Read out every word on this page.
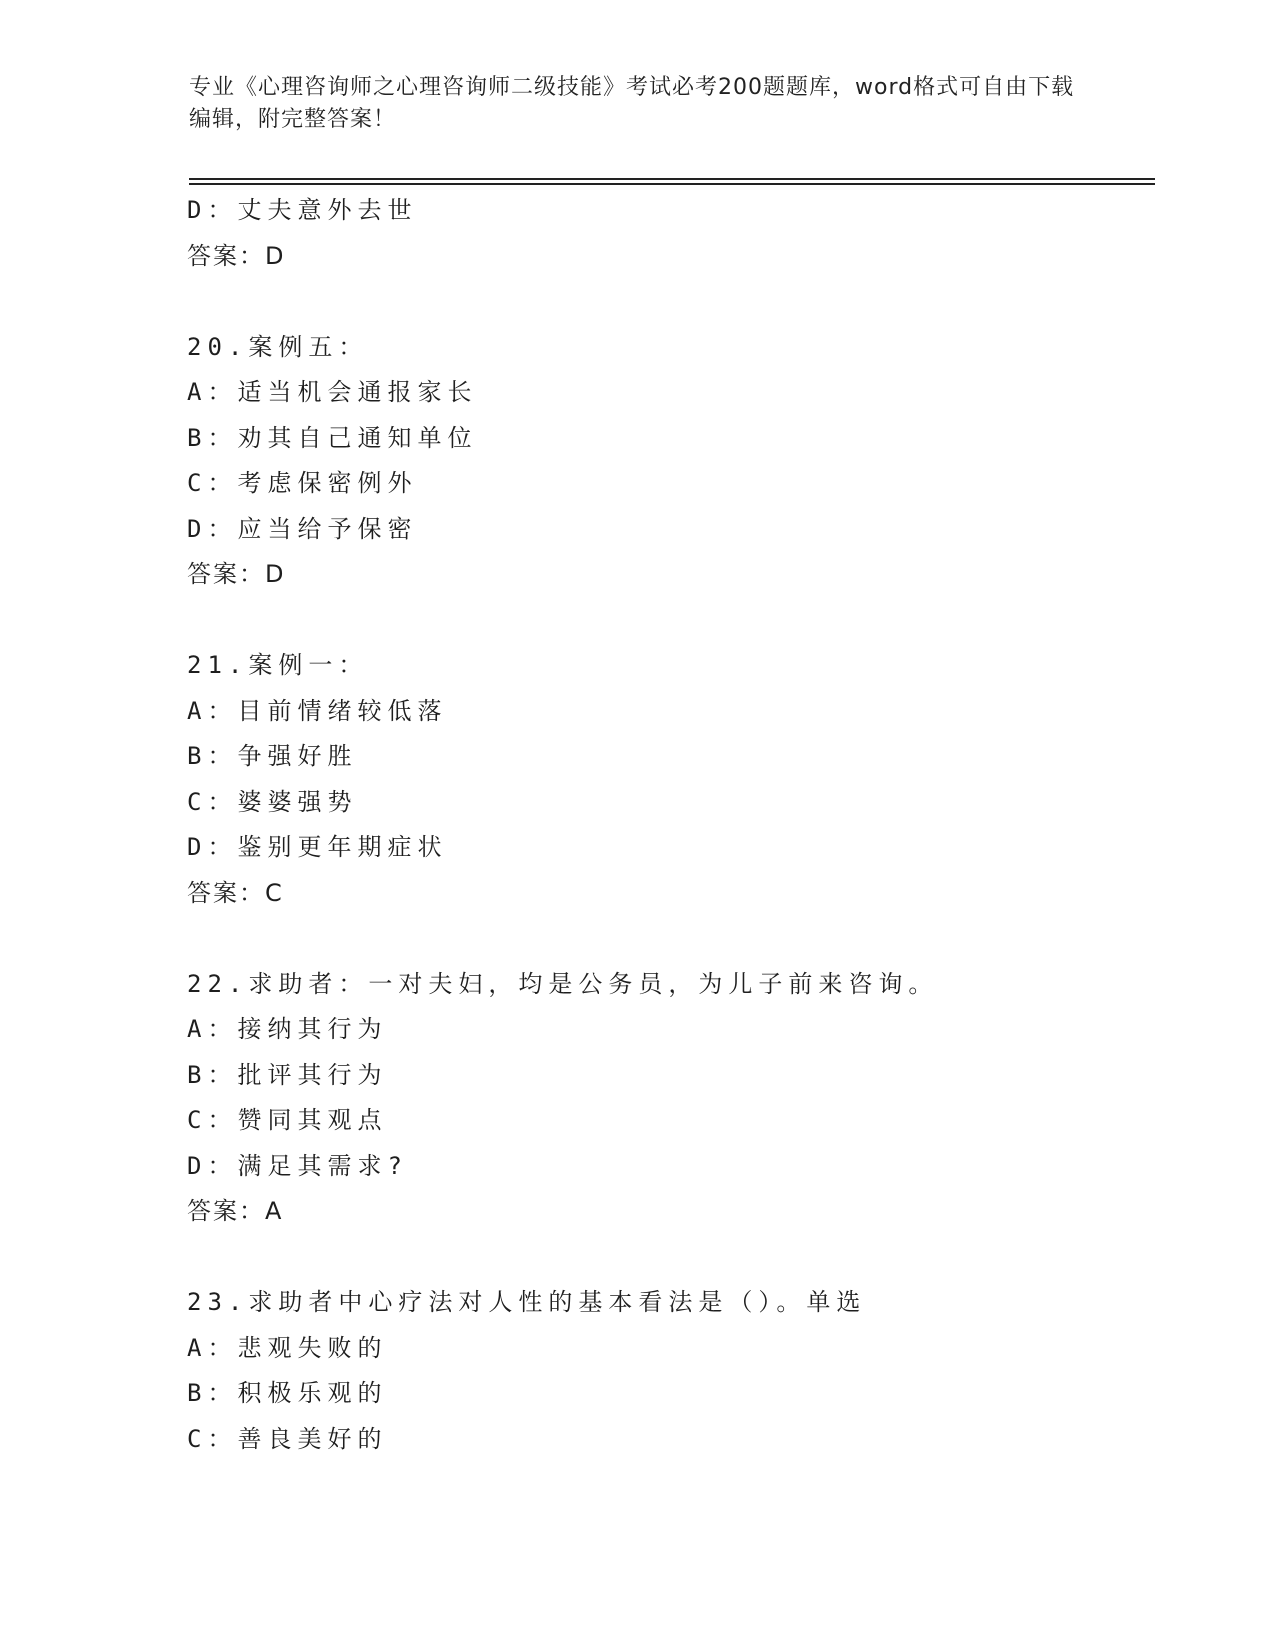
专业《心理咨询师之心理咨询师二级技能》考试必考200题题库，word格式可自由下载编辑，附完整答案！
D：丈夫意外去世
答案：D
20.案例五：
A：适当机会通报家长
B：劝其自己通知单位
C：考虑保密例外
D：应当给予保密
答案：D
21.案例一：
A：目前情绪较低落
B：争强好胜
C：婆婆强势
D：鉴别更年期症状
答案：C
22.求助者：一对夫妇，均是公务员，为儿子前来咨询。
A：接纳其行为
B：批评其行为
C：赞同其观点
D：满足其需求?
答案：A
23.求助者中心疗法对人性的基本看法是（）。单选
A：悲观失败的
B：积极乐观的
C：善良美好的
